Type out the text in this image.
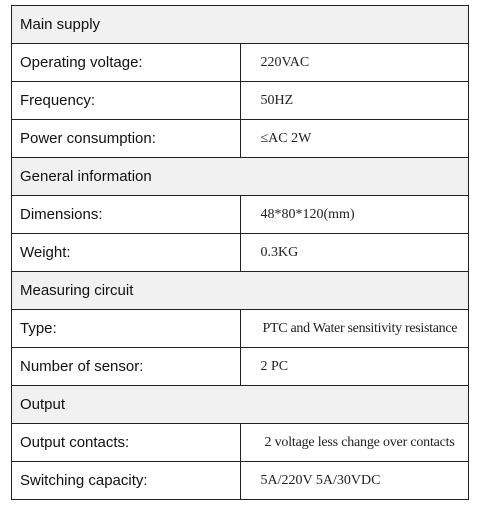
Main supply	
Operating voltage:	220VAC
Frequency:	50HZ
Power consumption:	≤AC 2W
General information	
Dimensions:	48*80*120(mm)
Weight:	0.3KG
Measuring circuit	
Type:	PTC and Water sensitivity resistance
Number of sensor:	2 PC
Output	
Output contacts:	2 voltage less change over contacts
Switching capacity:	5A/220V 5A/30VDC
